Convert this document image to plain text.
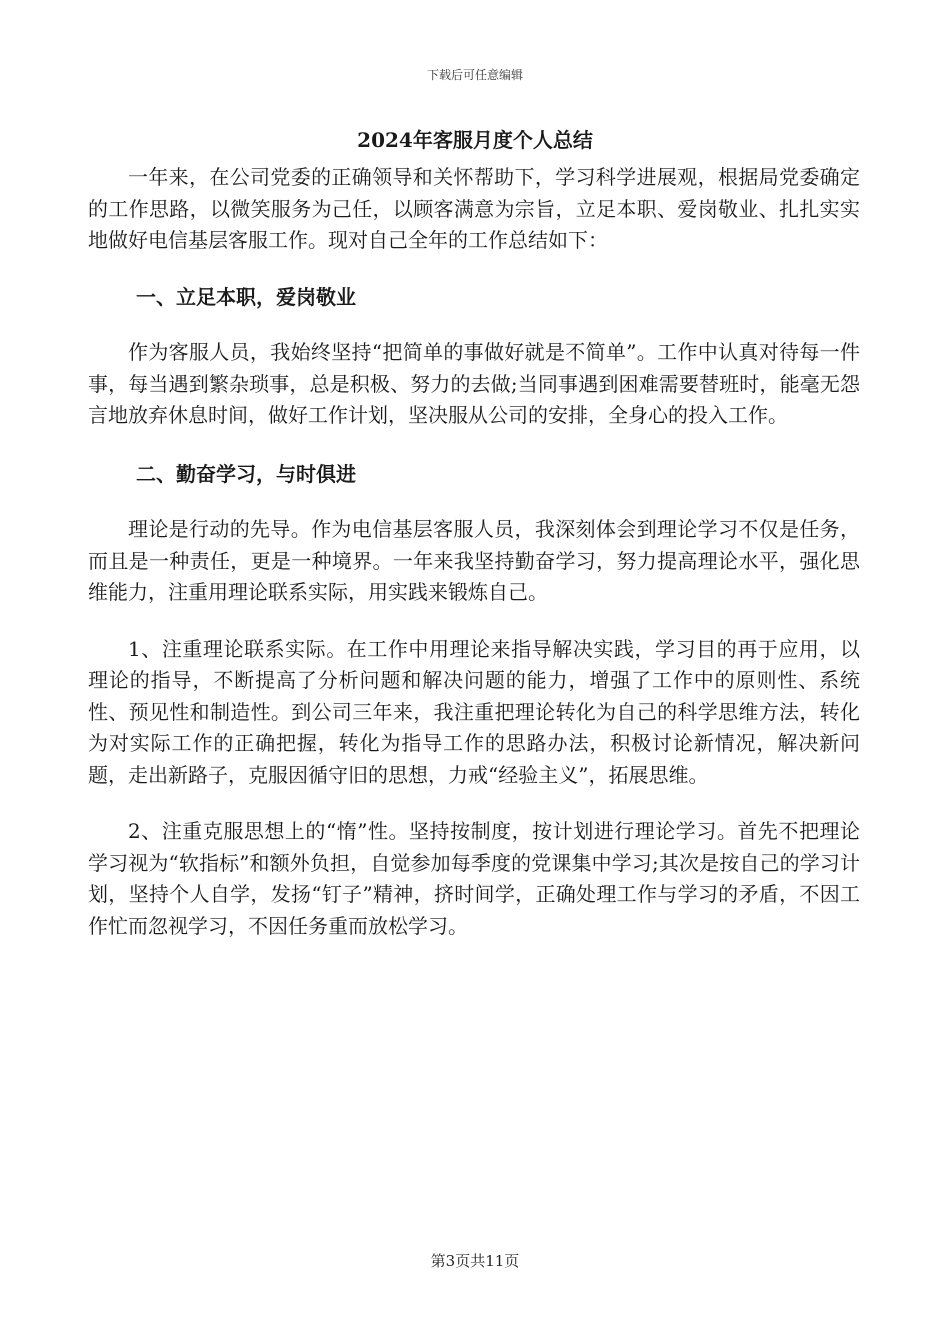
下载后可任意编辑
2024年客服月度个人总结

一年来，在公司党委的正确领导和关怀帮助下，学习科学进展观，根据局党委确定的工作思路，以微笑服务为己任，以顾客满意为宗旨，立足本职、爱岗敬业、扎扎实实地做好电信基层客服工作。现对自己全年的工作总结如下：

一、立足本职，爱岗敬业

作为客服人员，我始终坚持“把简单的事做好就是不简单”。工作中认真对待每一件事，每当遇到繁杂琐事，总是积极、努力的去做;当同事遇到困难需要替班时，能毫无怨言地放弃休息时间，做好工作计划，坚决服从公司的安排，全身心的投入工作。

二、勤奋学习，与时俱进

理论是行动的先导。作为电信基层客服人员，我深刻体会到理论学习不仅是任务，而且是一种责任，更是一种境界。一年来我坚持勤奋学习，努力提高理论水平，强化思维能力，注重用理论联系实际，用实践来锻炼自己。

1、注重理论联系实际。在工作中用理论来指导解决实践，学习目的再于应用，以理论的指导，不断提高了分析问题和解决问题的能力，增强了工作中的原则性、系统性、预见性和制造性。到公司三年来，我注重把理论转化为自己的科学思维方法，转化为对实际工作的正确把握，转化为指导工作的思路办法，积极讨论新情况，解决新问题，走出新路子，克服因循守旧的思想，力戒“经验主义”，拓展思维。

2、注重克服思想上的“惰”性。坚持按制度，按计划进行理论学习。首先不把理论学习视为“软指标”和额外负担，自觉参加每季度的党课集中学习;其次是按自己的学习计划，坚持个人自学，发扬“钉子”精神，挤时间学，正确处理工作与学习的矛盾，不因工作忙而忽视学习，不因任务重而放松学习。

第3页共11页
